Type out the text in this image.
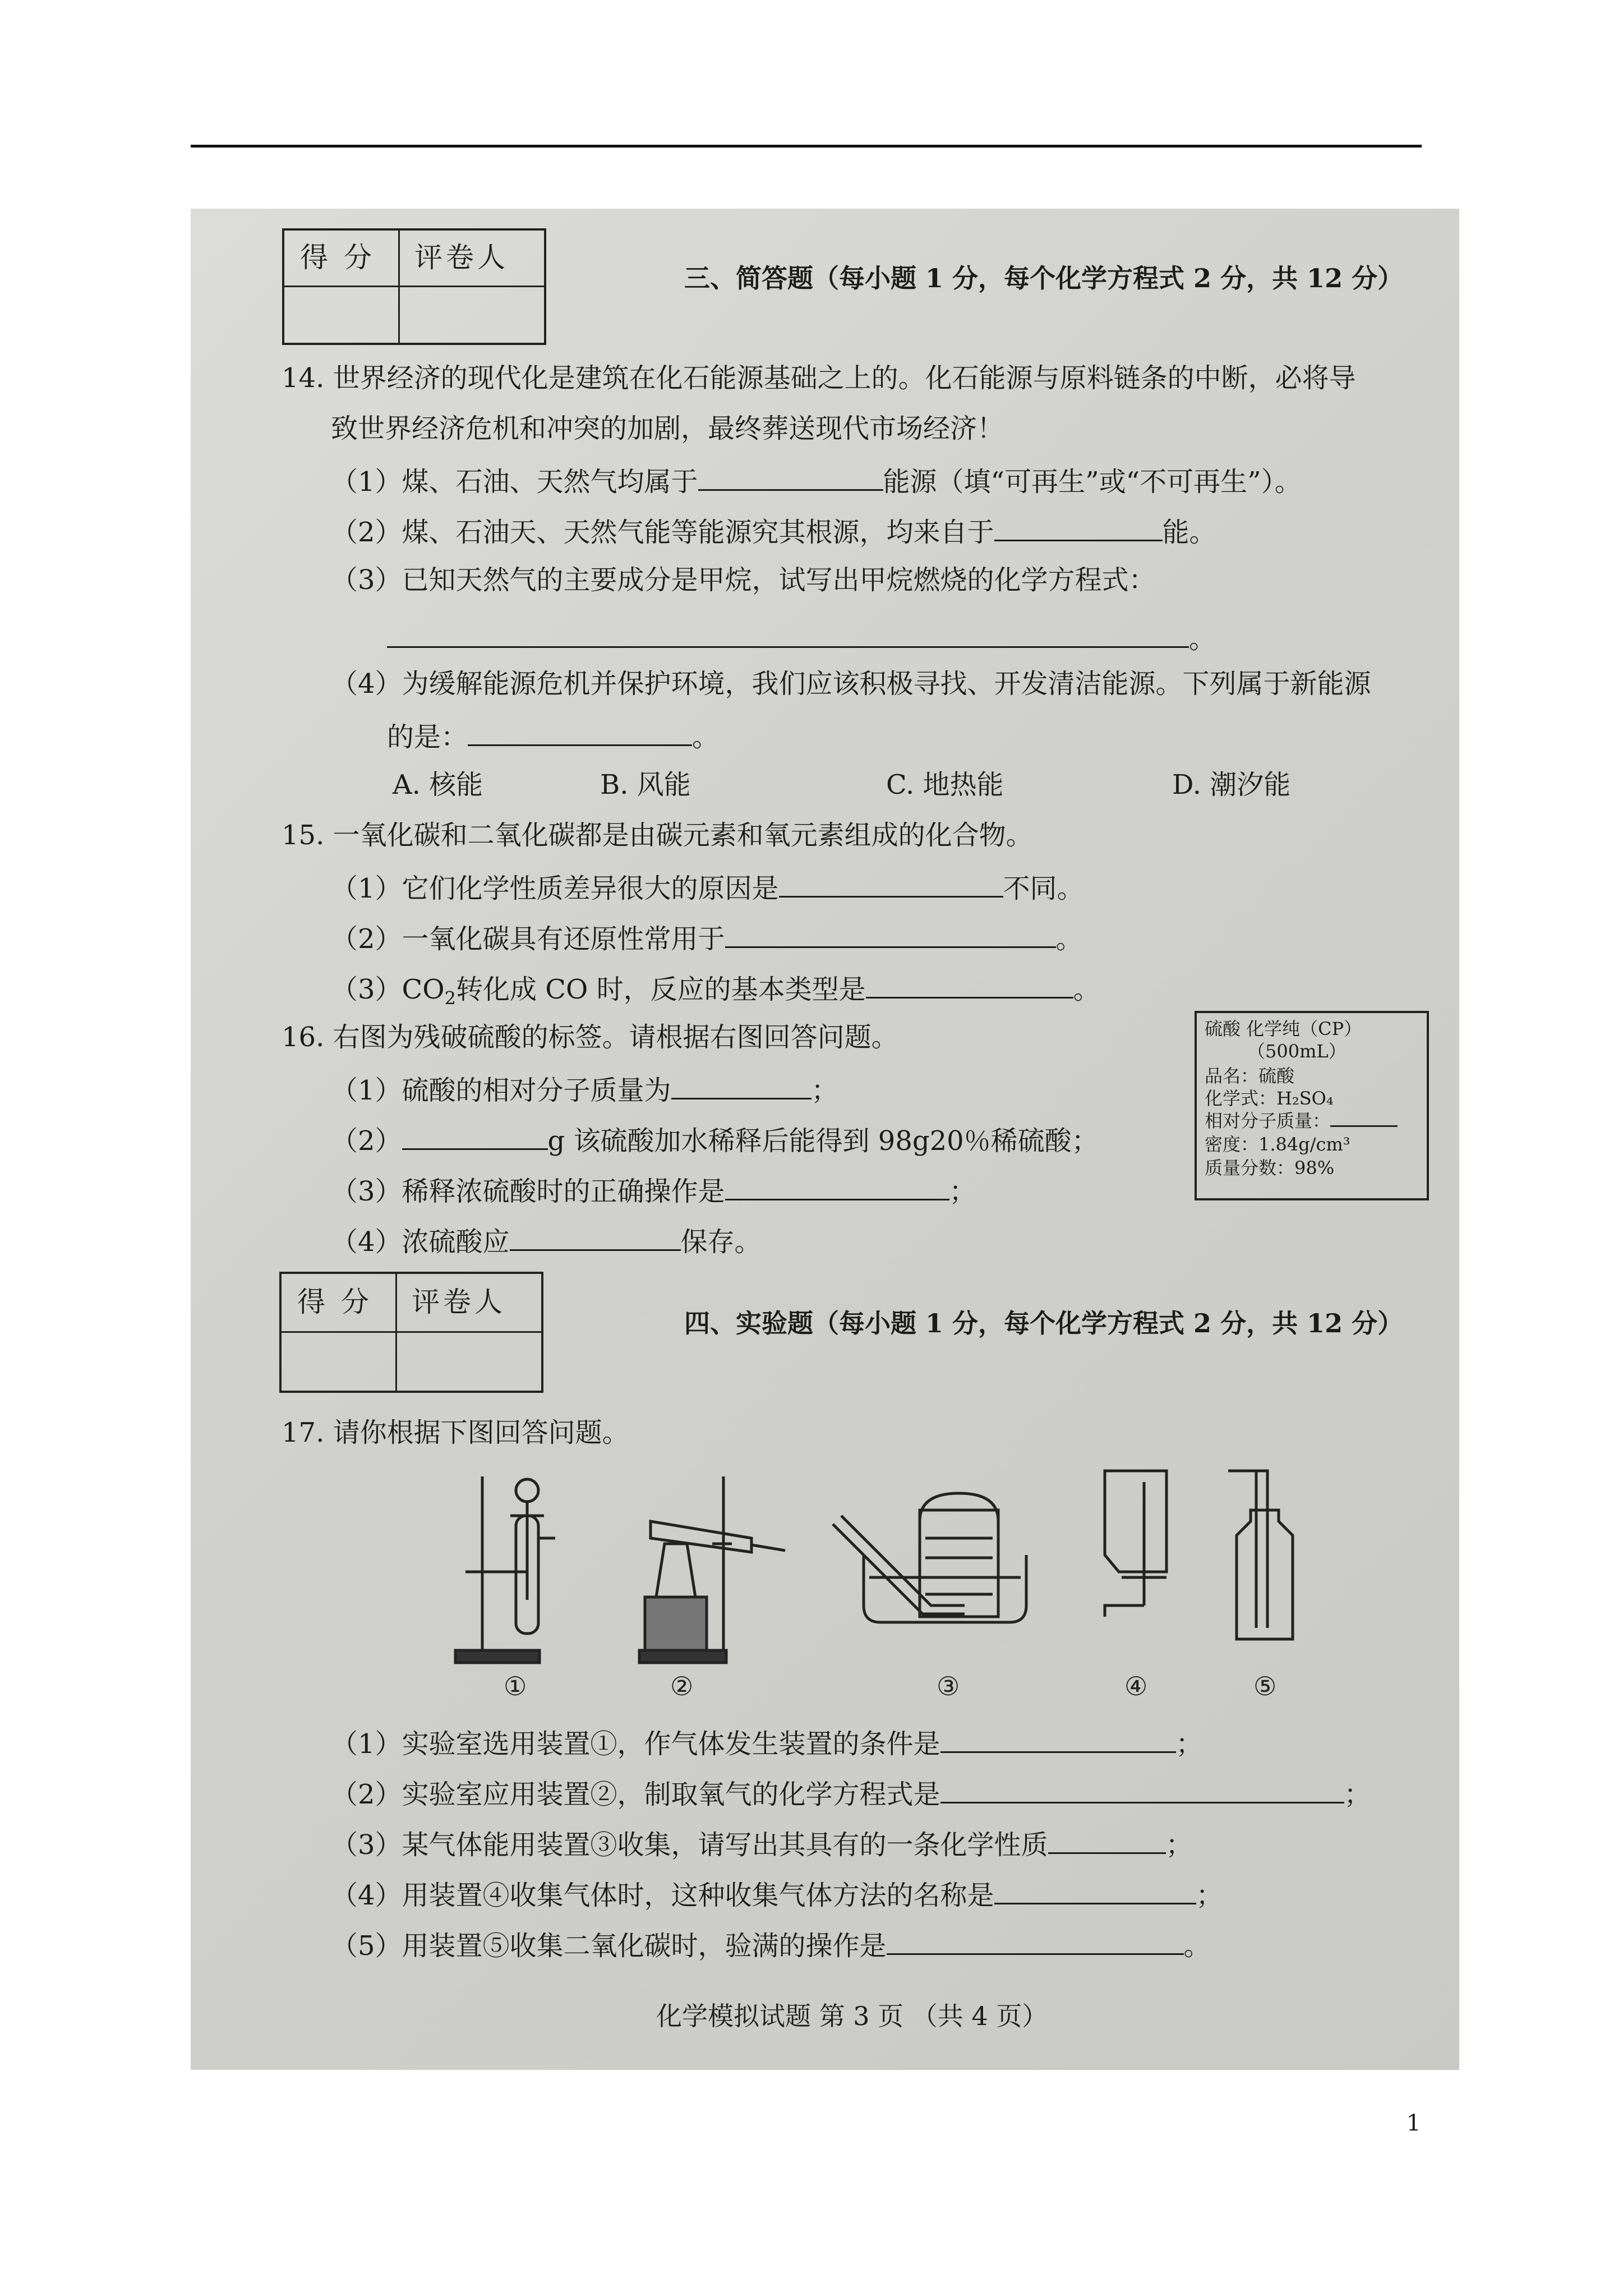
得 分 评卷人
三、简答题（每小题 1 分，每个化学方程式 2 分，共 12 分）
14. 世界经济的现代化是建筑在化石能源基础之上的。化石能源与原料链条的中断，必将导
致世界经济危机和冲突的加剧，最终葬送现代市场经济！
（1）煤、石油、天然气均属于	能源（填“可再生”或“不可再生”）。
（2）煤、石油天、天然气能等能源究其根源，均来自于	能。
（3）已知天然气的主要成分是甲烷，试写出甲烷燃烧的化学方程式：
。
（4）为缓解能源危机并保护环境，我们应该积极寻找、开发清洁能源。下列属于新能源
的是：	。
A. 核能	B. 风能	C. 地热能	D. 潮汐能
15. 一氧化碳和二氧化碳都是由碳元素和氧元素组成的化合物。
（1）它们化学性质差异很大的原因是	不同。
（2）一氧化碳具有还原性常用于	。
$(3)CO_2$转化成 CO 时，反应的基本类型是	。
16. 右图为残破硫酸的标签。请根据右图回答问题。
（1）硫酸的相对分子质量为	；
（2）	g 该硫酸加水稀释后能得到 98g20％稀硫酸；
（3）稀释浓硫酸时的正确操作是	；
（4）浓硫酸应	保存。
硫酸 化学纯（CP）
（500mL）
品名：硫酸
化学式：H₂SO₄
相对分子质量：
密度：1.84g/cm³
质量分数：98%
得 分 评卷人
四、实验题（每小题 1 分，每个化学方程式 2 分，共 12 分）
17. 请你根据下图回答问题。
①	②	③	④	⑤
（1）实验室选用装置①，作气体发生装置的条件是	；
（2）实验室应用装置②，制取氧气的化学方程式是	；
（3）某气体能用装置③收集，请写出其具有的一条化学性质	；
（4）用装置④收集气体时，这种收集气体方法的名称是	；
（5）用装置⑤收集二氧化碳时，验满的操作是	。
化学模拟试题 第 3 页 （共 4 页）
1
